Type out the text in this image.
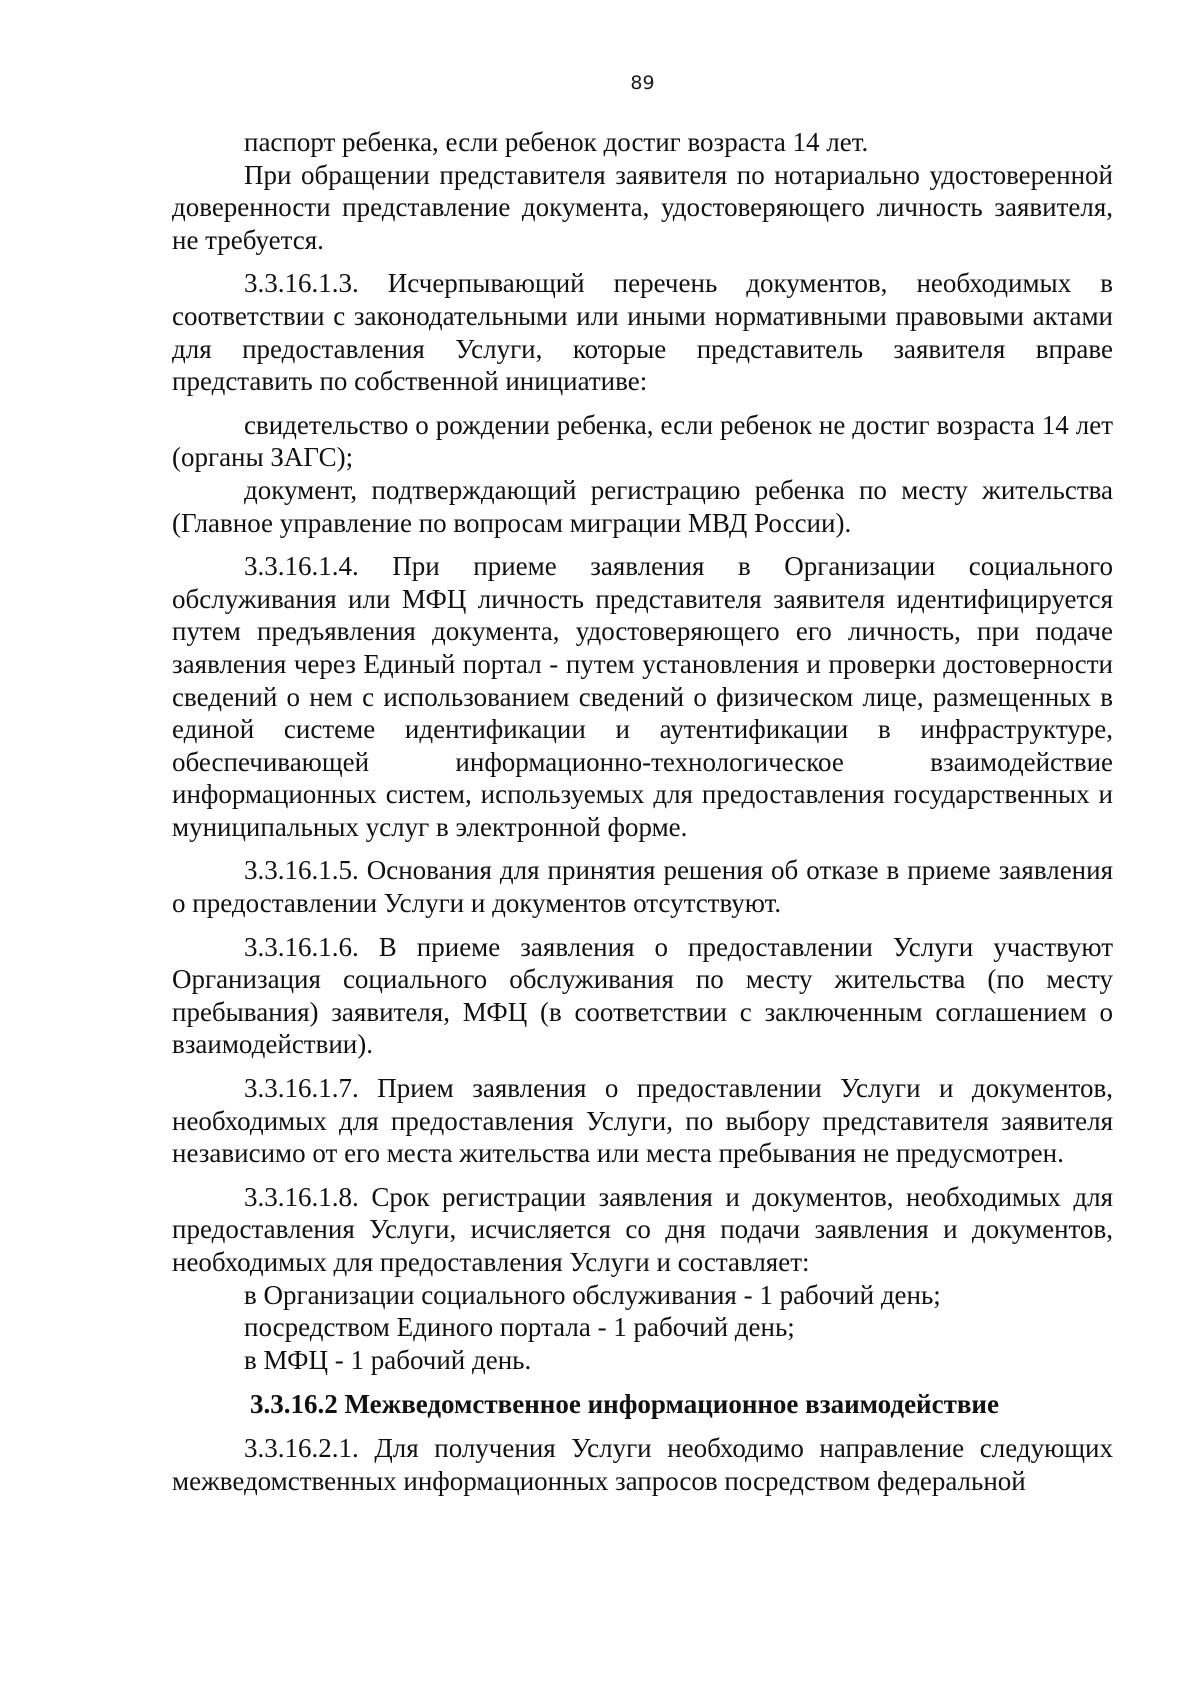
89

паспорт ребенка, если ребенок достиг возраста 14 лет.

При обращении представителя заявителя по нотариально удостоверенной доверенности представление документа, удостоверяющего личность заявителя, не требуется.

3.3.16.1.3. Исчерпывающий перечень документов, необходимых в соответствии с законодательными или иными нормативными правовыми актами для предоставления Услуги, которые представитель заявителя вправе представить по собственной инициативе:

свидетельство о рождении ребенка, если ребенок не достиг возраста 14 лет (органы ЗАГС);

документ, подтверждающий регистрацию ребенка по месту жительства (Главное управление по вопросам миграции МВД России).

3.3.16.1.4. При приеме заявления в Организации социального обслуживания или МФЦ личность представителя заявителя идентифицируется путем предъявления документа, удостоверяющего его личность, при подаче заявления через Единый портал - путем установления и проверки достоверности сведений о нем с использованием сведений о физическом лице, размещенных в единой системе идентификации и аутентификации в инфраструктуре, обеспечивающей информационно-технологическое взаимодействие информационных систем, используемых для предоставления государственных и муниципальных услуг в электронной форме.

3.3.16.1.5. Основания для принятия решения об отказе в приеме заявления о предоставлении Услуги и документов отсутствуют.

3.3.16.1.6. В приеме заявления о предоставлении Услуги участвуют Организация социального обслуживания по месту жительства (по месту пребывания) заявителя, МФЦ (в соответствии с заключенным соглашением о взаимодействии).

3.3.16.1.7. Прием заявления о предоставлении Услуги и документов, необходимых для предоставления Услуги, по выбору представителя заявителя независимо от его места жительства или места пребывания не предусмотрен.

3.3.16.1.8. Срок регистрации заявления и документов, необходимых для предоставления Услуги, исчисляется со дня подачи заявления и документов, необходимых для предоставления Услуги и составляет:

в Организации социального обслуживания - 1 рабочий день;

посредством Единого портала - 1 рабочий день;

в МФЦ - 1 рабочий день.

3.3.16.2 Межведомственное информационное взаимодействие

3.3.16.2.1. Для получения Услуги необходимо направление следующих межведомственных информационных запросов посредством федеральной
